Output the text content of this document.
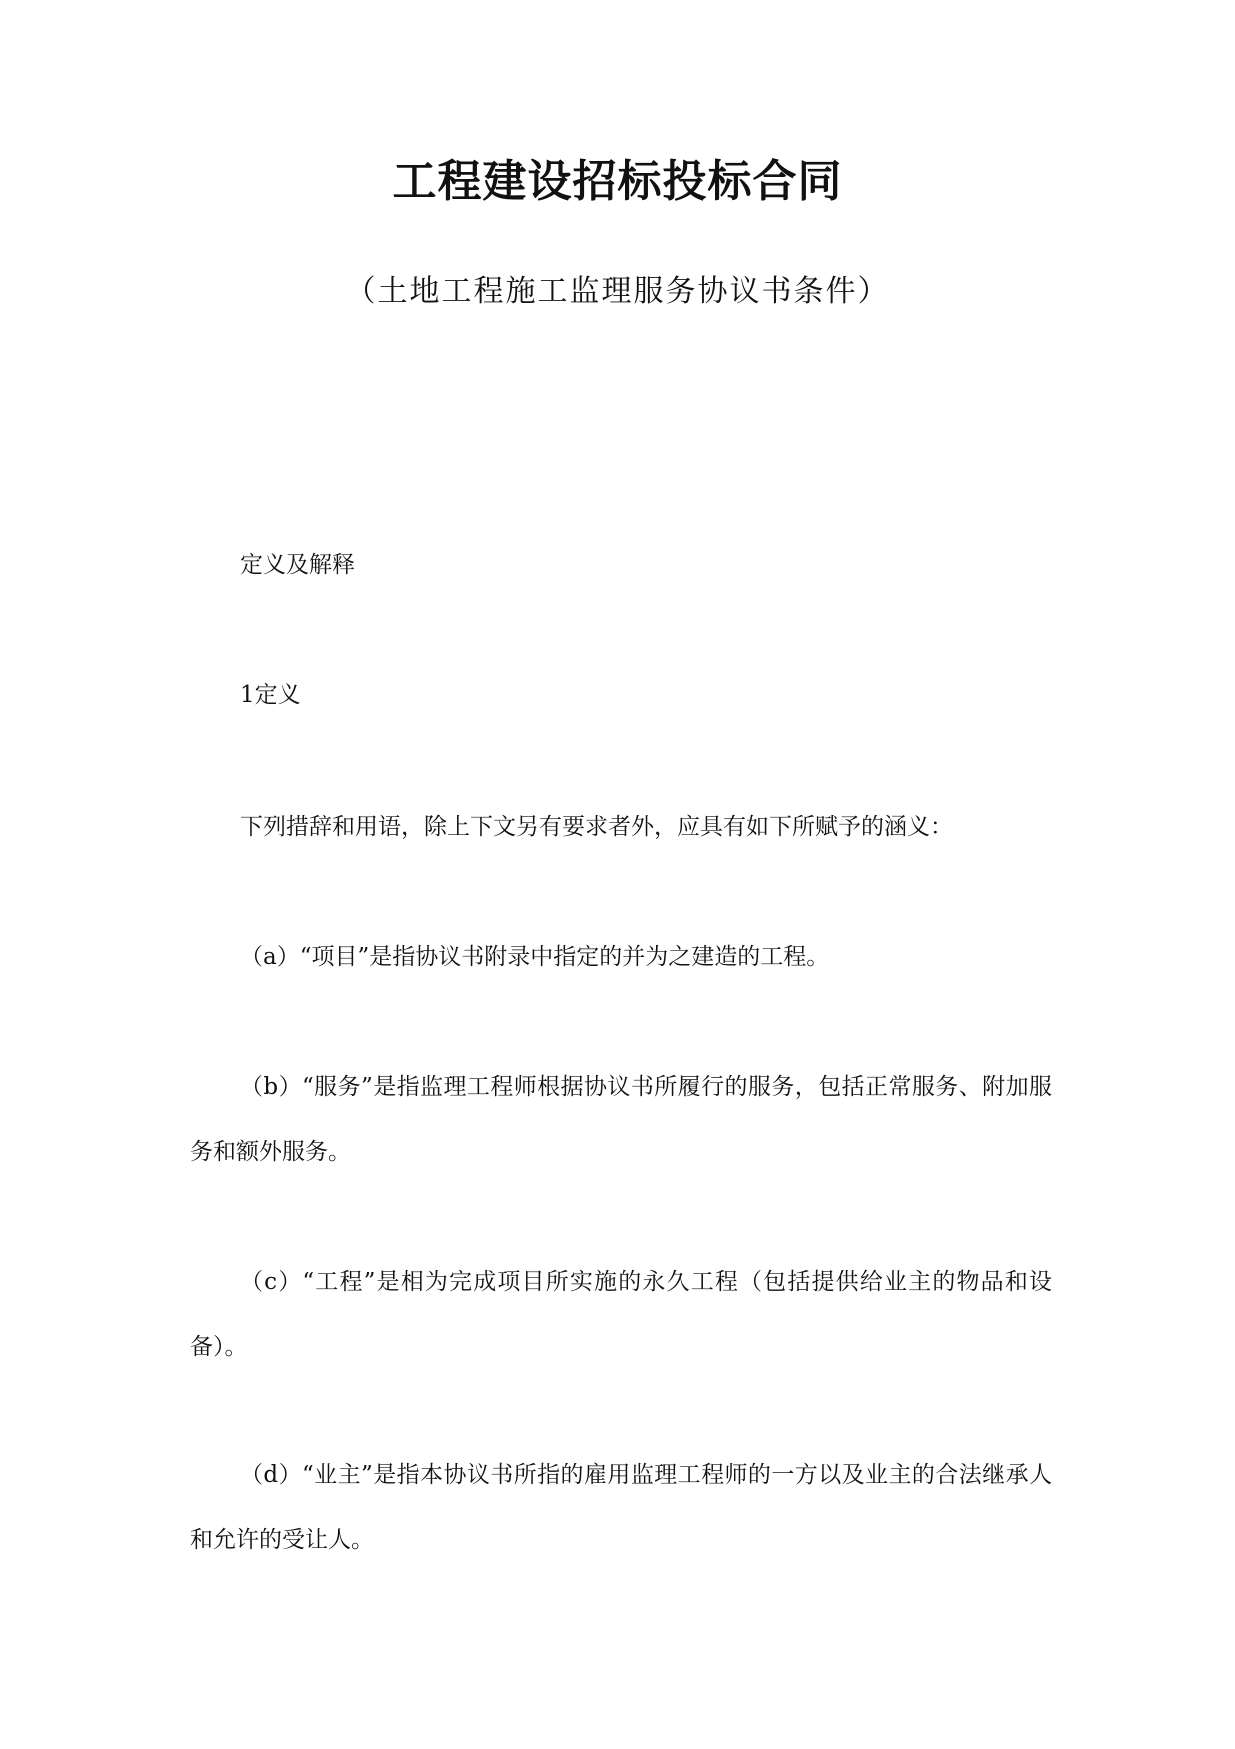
工程建设招标投标合同

（土地工程施工监理服务协议书条件）

定义及解释

1定义

下列措辞和用语，除上下文另有要求者外，应具有如下所赋予的涵义：

（a）“项目”是指协议书附录中指定的并为之建造的工程。

（b）“服务”是指监理工程师根据协议书所履行的服务，包括正常服务、附加服务和额外服务。

（c）“工程”是相为完成项目所实施的永久工程（包括提供给业主的物品和设备）。

（d）“业主”是指本协议书所指的雇用监理工程师的一方以及业主的合法继承人和允许的受让人。
